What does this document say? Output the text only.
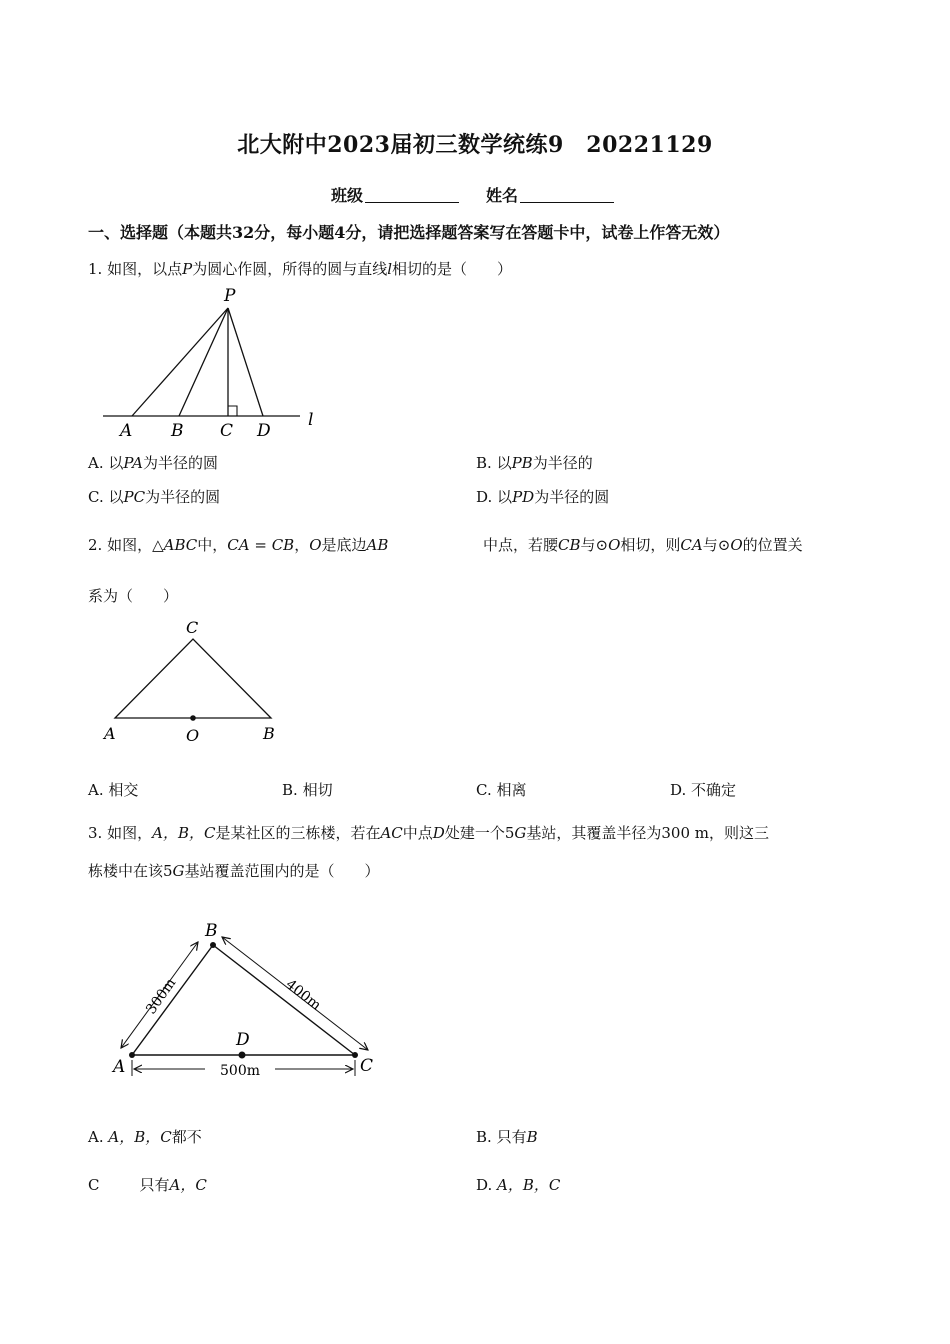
北大附中2023届初三数学统练9　20221129
班级	姓名
一、选择题（本题共32分，每小题4分，请把选择题答案写在答题卡中，试卷上作答无效）
1. 如图，以点P为圆心作圆，所得的圆与直线l相切的是（　　）
P
A B C D
l
A. 以PA为半径的圆	B. 以PB为半径的
C. 以PC为半径的圆	D. 以PD为半径的圆
2. 如图，△ABC中，CA = CB，O是底边AB	中点，若腰CB与⊙O相切，则CA与⊙O的位置关
系为（　　）
C
A	O	B
A. 相交	B. 相切	C. 相离	D. 不确定
3. 如图，A，B，C是某社区的三栋楼，若在AC中点D处建一个5G基站，其覆盖半径为300 m，则这三
栋楼中在该5G基站覆盖范围内的是（　　）
500m
300m	400m
B
A
D
C
A. A，B，C都不	B. 只有B
C	只有A，C	D. A，B，C
